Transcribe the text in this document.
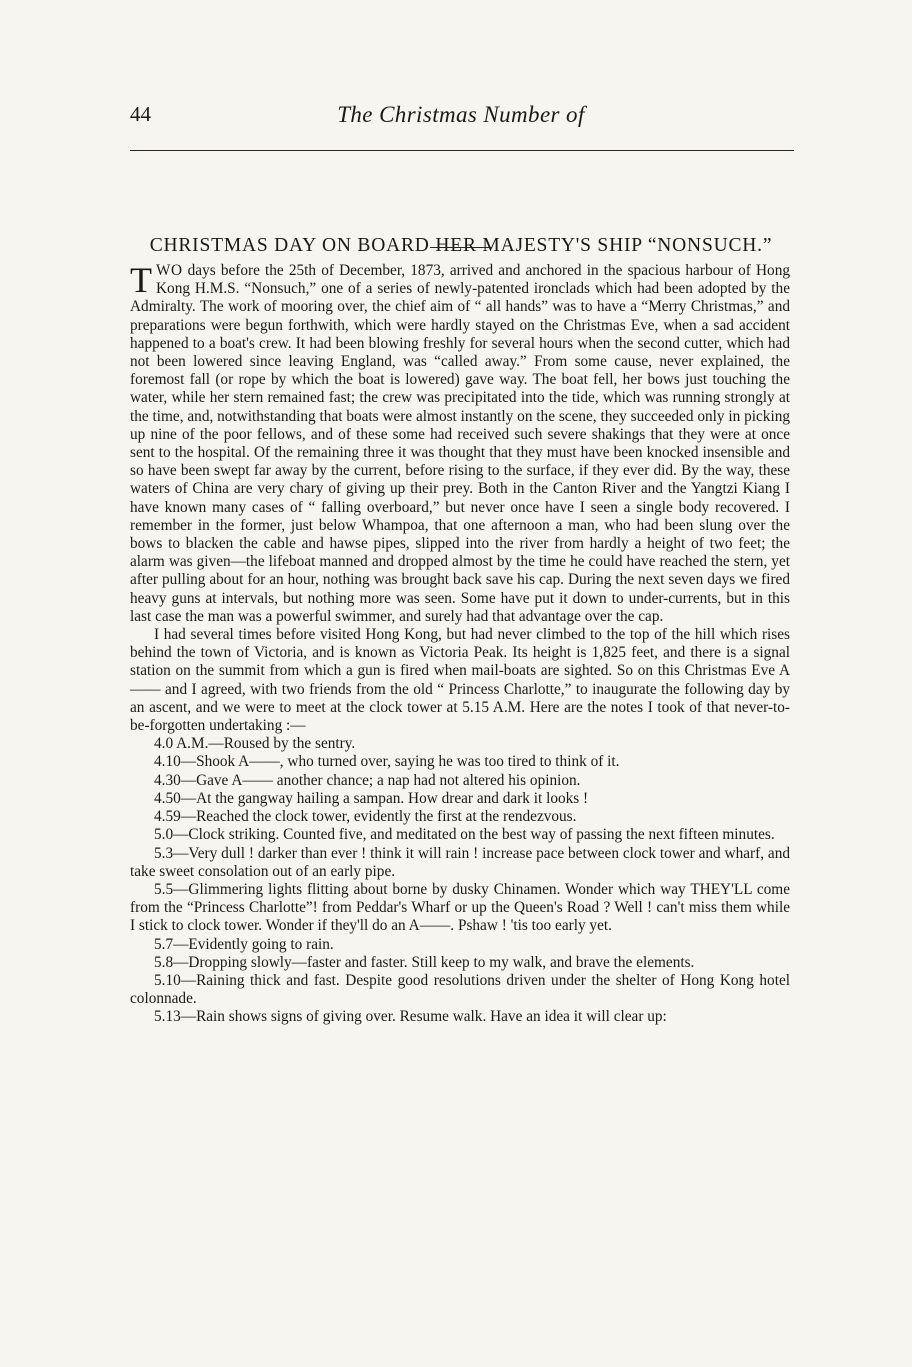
44	The Christmas Number of
CHRISTMAS DAY ON BOARD HER MAJESTY'S SHIP “NONSUCH.”

TWO days before the 25th of December, 1873, arrived and anchored in the spacious harbour of Hong Kong H.M.S. “Nonsuch,” one of a series of newly-patented ironclads which had been adopted by the Admiralty. The work of mooring over, the chief aim of “ all hands” was to have a “Merry Christmas,” and preparations were begun forthwith, which were hardly stayed on the Christmas Eve, when a sad accident happened to a boat's crew. It had been blowing freshly for several hours when the second cutter, which had not been lowered since leaving England, was “called away.” From some cause, never explained, the foremost fall (or rope by which the boat is lowered) gave way. The boat fell, her bows just touching the water, while her stern remained fast; the crew was precipitated into the tide, which was running strongly at the time, and, notwithstanding that boats were almost instantly on the scene, they succeeded only in picking up nine of the poor fellows, and of these some had received such severe shakings that they were at once sent to the hospital. Of the remaining three it was thought that they must have been knocked insensible and so have been swept far away by the current, before rising to the surface, if they ever did. By the way, these waters of China are very chary of giving up their prey. Both in the Canton River and the Yangtzi Kiang I have known many cases of “ falling overboard,” but never once have I seen a single body recovered. I remember in the former, just below Whampoa, that one afternoon a man, who had been slung over the bows to blacken the cable and hawse pipes, slipped into the river from hardly a height of two feet; the alarm was given—the lifeboat manned and dropped almost by the time he could have reached the stern, yet after pulling about for an hour, nothing was brought back save his cap. During the next seven days we fired heavy guns at intervals, but nothing more was seen. Some have put it down to under-currents, but in this last case the man was a powerful swimmer, and surely had that advantage over the cap.

I had several times before visited Hong Kong, but had never climbed to the top of the hill which rises behind the town of Victoria, and is known as Victoria Peak. Its height is 1,825 feet, and there is a signal station on the summit from which a gun is fired when mail-boats are sighted. So on this Christmas Eve A—— and I agreed, with two friends from the old “ Princess Charlotte,” to inaugurate the following day by an ascent, and we were to meet at the clock tower at 5.15 A.M. Here are the notes I took of that never-to-be-forgotten undertaking :—

4.0 A.M.—Roused by the sentry.

4.10—Shook A——, who turned over, saying he was too tired to think of it.

4.30—Gave A—— another chance; a nap had not altered his opinion.

4.50—At the gangway hailing a sampan. How drear and dark it looks !

4.59—Reached the clock tower, evidently the first at the rendezvous.

5.0—Clock striking. Counted five, and meditated on the best way of passing the next fifteen minutes.

5.3—Very dull ! darker than ever ! think it will rain ! increase pace between clock tower and wharf, and take sweet consolation out of an early pipe.

5.5—Glimmering lights flitting about borne by dusky Chinamen. Wonder which way THEY'LL come from the “Princess Charlotte”! from Peddar's Wharf or up the Queen's Road ? Well ! can't miss them while I stick to clock tower. Wonder if they'll do an A——. Pshaw ! 'tis too early yet.

5.7—Evidently going to rain.

5.8—Dropping slowly—faster and faster. Still keep to my walk, and brave the elements.

5.10—Raining thick and fast. Despite good resolutions driven under the shelter of Hong Kong hotel colonnade.

5.13—Rain shows signs of giving over. Resume walk. Have an idea it will clear up:
